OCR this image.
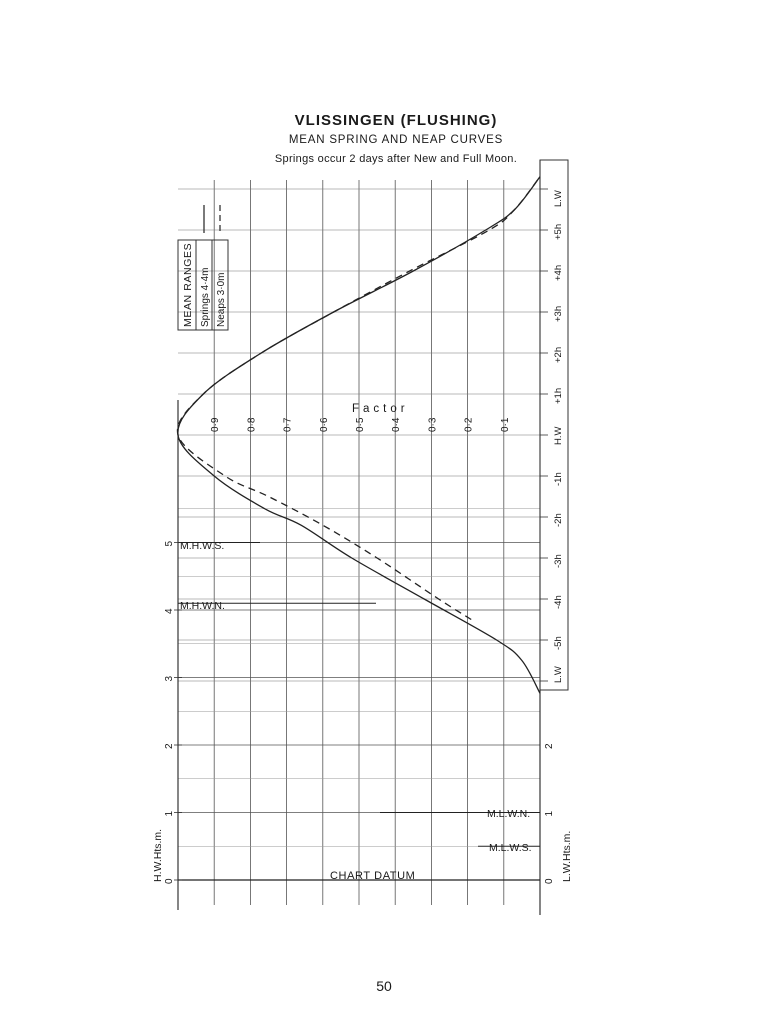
VLISSINGEN (FLUSHING)
MEAN SPRING AND NEAP CURVES
Springs occur 2 days after New and Full Moon.
0·1
0·2
0·3
0·4
0·5
0·6
0·7
0·8
0·9
L.W
-5h
-4h
-3h
-2h
-1h
H.W
+1h
+2h
+3h
+4h
+5h
L.W
0
1
2
3
4
5
0
1
2
MEAN RANGES Springs 4·4m Neaps 3·0m
Factor
H.W.Hts.m.	L.W.Hts.m.
CHART DATUM
M.H.W.S.
M.H.W.N.
M.L.W.N.
M.L.W.S.
50
